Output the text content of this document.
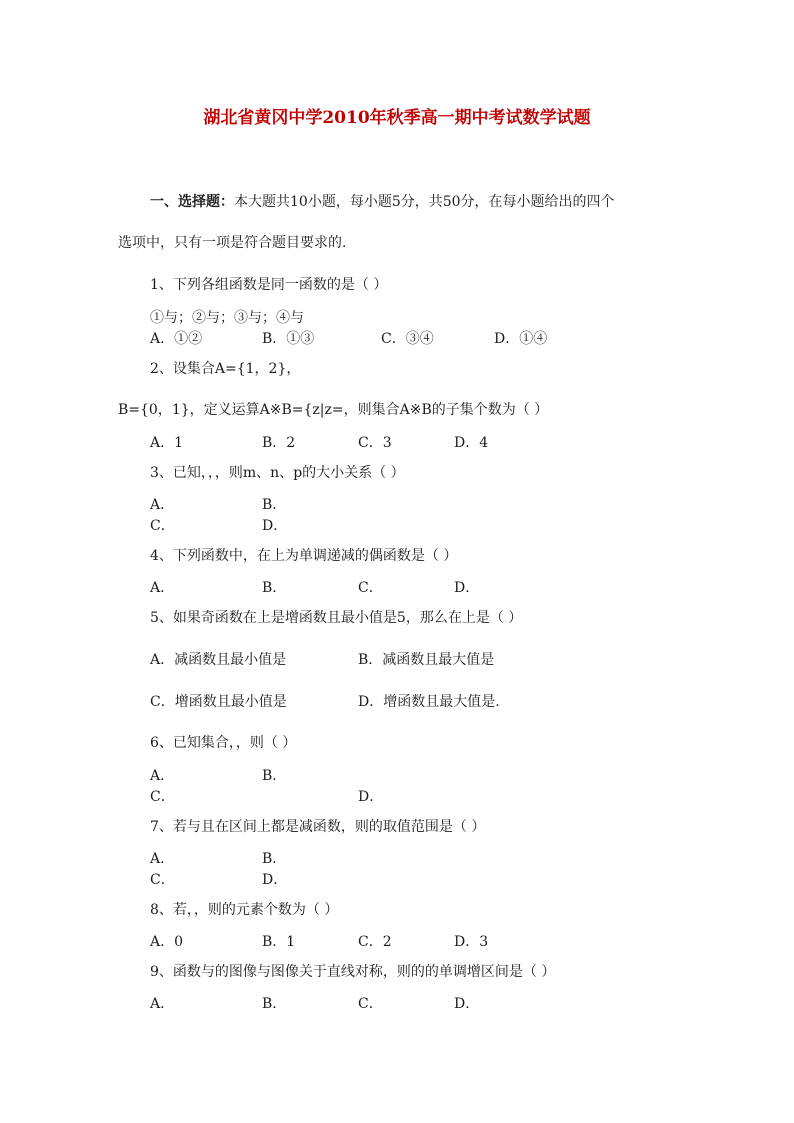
湖北省黄冈中学2010年秋季高一期中考试数学试题
一、选择题：本大题共10小题，每小题5分，共50分，在每小题给出的四个
选项中，只有一项是符合题目要求的.
1、下列各组函数是同一函数的是（ ）
①与；②与；③与；④与
A．①②	B．①③	C．③④	D．①④
2、设集合A={1，2}，
B={0，1}，定义运算A※B={z|z=，则集合A※B的子集个数为（ ）
A．1	B．2	C．3	D．4
3、已知，，，则m、n、p的大小关系（ ）
A．	B．
C．	D．
4、下列函数中，在上为单调递减的偶函数是（ ）
A．	B．	C．	D．
5、如果奇函数在上是增函数且最小值是5，那么在上是（ ）
A．减函数且最小值是	B．减函数且最大值是
C．增函数且最小值是	D．增函数且最大值是.
6、已知集合，，则（ ）
A．	B．
C．	D．
7、若与且在区间上都是减函数，则的取值范围是（ ）
A．	B．
C．	D．
8、若，，则的元素个数为（ ）
A．0	B．1	C．2	D．3
9、函数与的图像与图像关于直线对称，则的的单调增区间是（ ）
A．	B．	C．	D．
